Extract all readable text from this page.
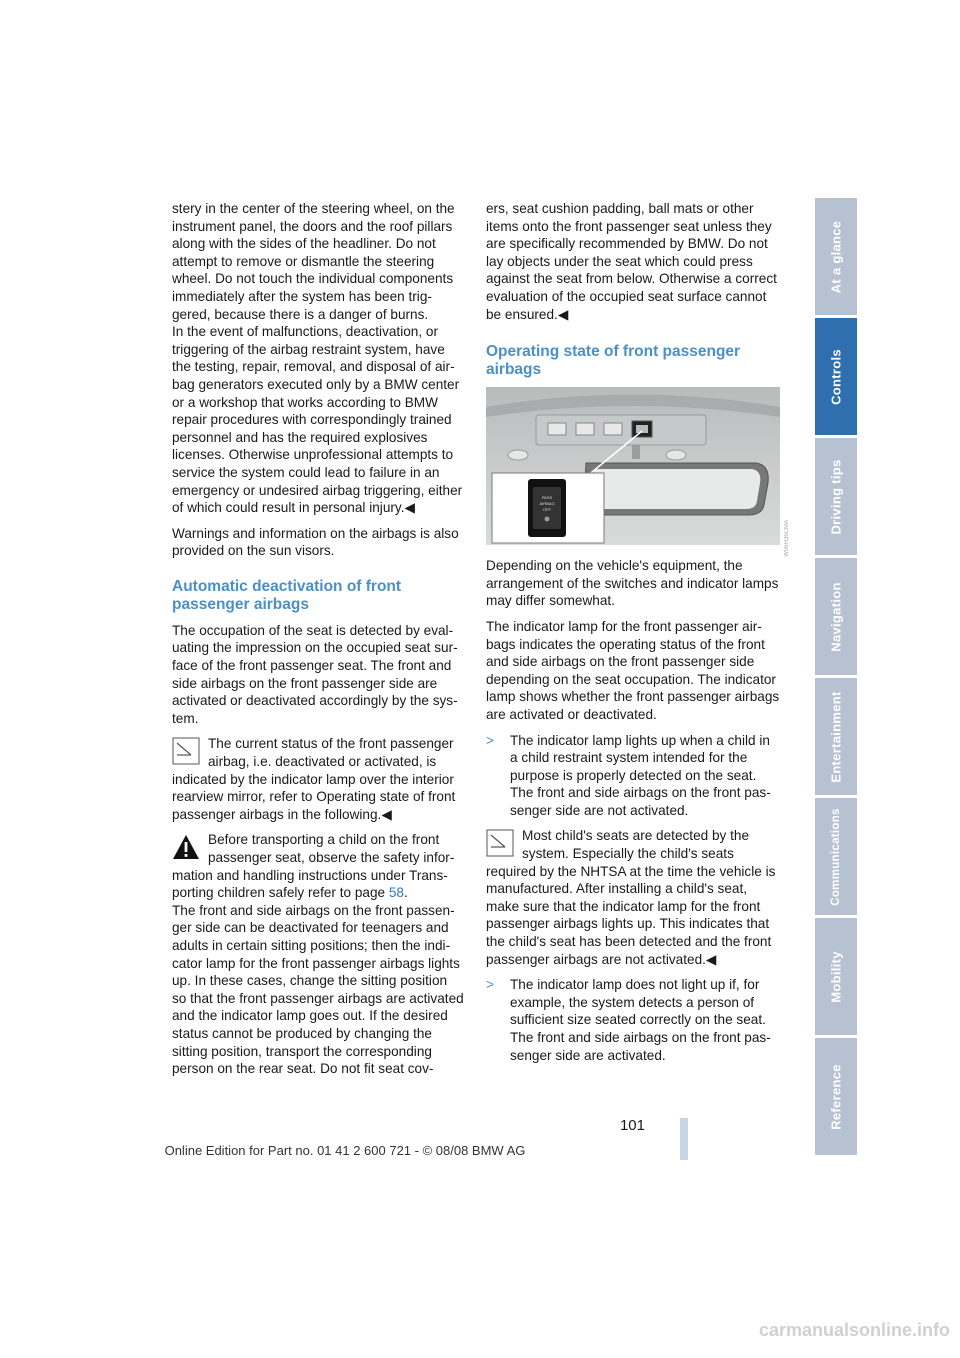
stery in the center of the steering wheel, on the instrument panel, the doors and the roof pillars along with the sides of the headliner. Do not attempt to remove or dismantle the steering wheel. Do not touch the individual components immediately after the system has been triggered, because there is a danger of burns.

In the event of malfunctions, deactivation, or triggering of the airbag restraint system, have the testing, repair, removal, and disposal of airbag generators executed only by a BMW center or a workshop that works according to BMW repair procedures with correspondingly trained personnel and has the required explosives licenses. Otherwise unprofessional attempts to service the system could lead to failure in an emergency or undesired airbag triggering, either of which could result in personal injury.◀

Warnings and information on the airbags is also provided on the sun visors.

Automatic deactivation of front passenger airbags

The occupation of the seat is detected by evaluating the impression on the occupied seat surface of the front passenger seat. The front and side airbags on the front passenger side are activated or deactivated accordingly by the system.

The current status of the front passenger airbag, i.e. deactivated or activated, is indicated by the indicator lamp over the interior rearview mirror, refer to Operating state of front passenger airbags in the following.◀
Before transporting a child on the front passenger seat, observe the safety information and handling instructions under Transporting children safely refer to page 58.

The front and side airbags on the front passenger side can be deactivated for teenagers and adults in certain sitting positions; then the indicator lamp for the front passenger airbags lights up. In these cases, change the sitting position so that the front passenger airbags are activated and the indicator lamp goes out. If the desired status cannot be produced by changing the sitting position, transport the corresponding person on the rear seat. Do not fit seat cov-

ers, seat cushion padding, ball mats or other items onto the front passenger seat unless they are specifically recommended by BMW. Do not lay objects under the seat which could press against the seat from below. Otherwise a correct evaluation of the occupied seat surface cannot be ensured.◀

Operating state of front passenger airbags
PASS
AIRBAG
OFF

Depending on the vehicle's equipment, the arrangement of the switches and indicator lamps may differ somewhat.

The indicator lamp for the front passenger airbags indicates the operating status of the front and side airbags on the front passenger side depending on the seat occupation. The indicator lamp shows whether the front passenger airbags are activated or deactivated.

> The indicator lamp lights up when a child in a child restraint system intended for the purpose is properly detected on the seat. The front and side airbags on the front passenger side are not activated.
Most child's seats are detected by the system. Especially the child's seats required by the NHTSA at the time the vehicle is manufactured. After installing a child's seat, make sure that the indicator lamp for the front passenger airbags lights up. This indicates that the child's seat has been detected and the front passenger airbags are not activated.◀
> The indicator lamp does not light up if, for example, the system detects a person of sufficient size seated correctly on the seat. The front and side airbags on the front passenger side are activated.
W06H36CMA
At a glance
Controls
Driving tips
Navigation
Entertainment
Communications
Mobility
Reference
101
Online Edition for Part no. 01 41 2 600 721 - © 08/08 BMW AG
carmanualsonline.info
